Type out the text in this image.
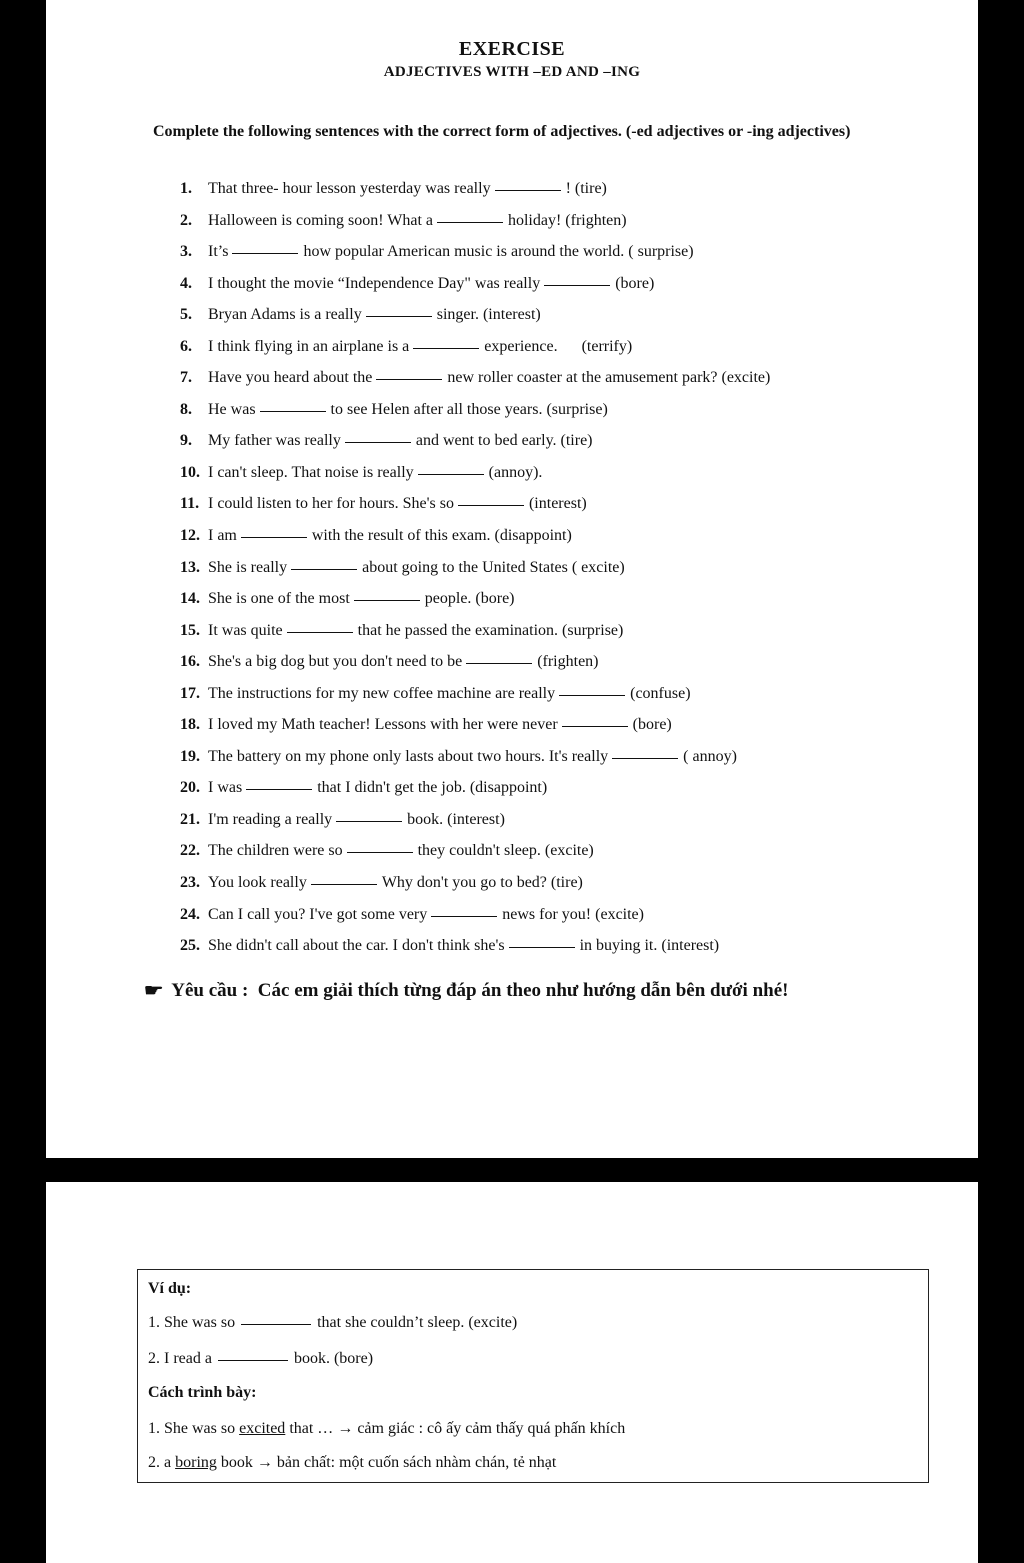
EXERCISE
ADJECTIVES WITH –ED AND –ING
Complete the following sentences with the correct form of adjectives. (-ed adjectives or -ing adjectives)
1.	That three- hour lesson yesterday was really	! (tire)
2.	Halloween is coming soon! What a	holiday! (frighten)
3.	It’s	how popular American music is around the world. ( surprise)
4.	I thought the movie “Independence Day" was really	(bore)
5.	Bryan Adams is a really	singer. (interest)
6.	I think flying in an airplane is a	experience.      (terrify)
7.	Have you heard about the	new roller coaster at the amusement park? (excite)
8.	He was	to see Helen after all those years. (surprise)
9.	My father was really	and went to bed early. (tire)
10. I can't sleep. That noise is really	(annoy).
11. I could listen to her for hours. She's so	(interest)
12. I am	with the result of this exam. (disappoint)
13. She is really	about going to the United States ( excite)
14. She is one of the most	people. (bore)
15. It was quite	that he passed the examination. (surprise)
16. She's a big dog but you don't need to be	(frighten)
17. The instructions for my new coffee machine are really	(confuse)
18. I loved my Math teacher! Lessons with her were never	(bore)
19. The battery on my phone only lasts about two hours. It's really	( annoy)
20. I was	that I didn't get the job. (disappoint)
21. I'm reading a really	book. (interest)
22. The children were so	they couldn't sleep. (excite)
23. You look really	Why don't you go to bed? (tire)
24. Can I call you? I've got some very	news for you! (excite)
25. She didn't call about the car. I don't think she's	in buying it. (interest)
☛ Yêu cầu :  Các em giải thích từng đáp án theo như hướng dẫn bên dưới nhé!
Ví dụ:
1. She was so	that she couldn’t sleep. (excite)
2. I read a	book. (bore)
Cách trình bày:
1. She was so
excited
that … → cảm giác : cô ấy cảm thấy quá phấn khích
2. a
boring
book → bản chất: một cuốn sách nhàm chán, tẻ nhạt
